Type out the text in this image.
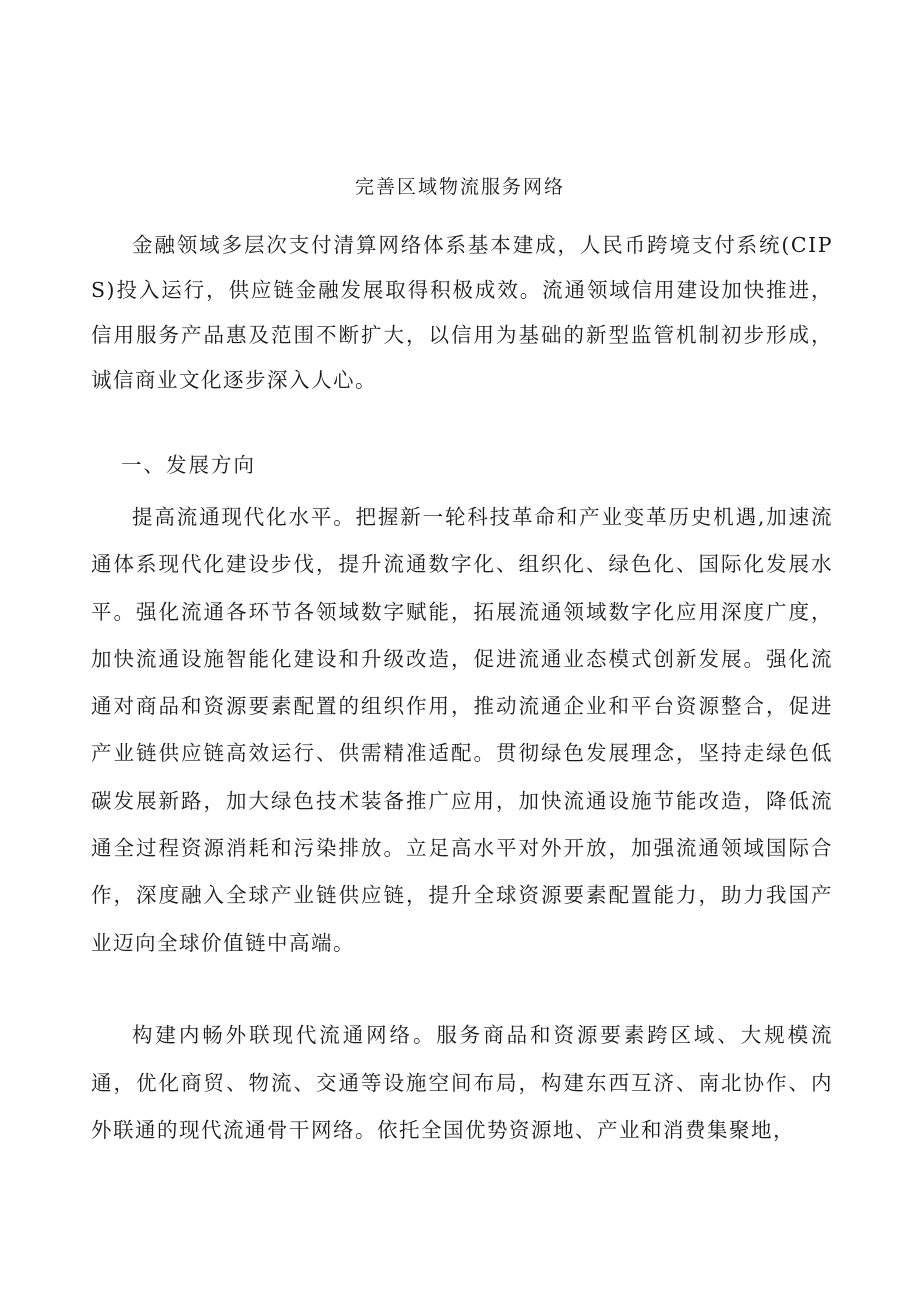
完善区域物流服务网络

金融领域多层次支付清算网络体系基本建成，人民币跨境支付系统(CIPS)投入运行，供应链金融发展取得积极成效。流通领域信用建设加快推进，信用服务产品惠及范围不断扩大，以信用为基础的新型监管机制初步形成，诚信商业文化逐步深入人心。

一、发展方向

提高流通现代化水平。把握新一轮科技革命和产业变革历史机遇,加速流通体系现代化建设步伐，提升流通数字化、组织化、绿色化、国际化发展水平。强化流通各环节各领域数字赋能，拓展流通领域数字化应用深度广度，加快流通设施智能化建设和升级改造，促进流通业态模式创新发展。强化流通对商品和资源要素配置的组织作用，推动流通企业和平台资源整合，促进产业链供应链高效运行、供需精准适配。贯彻绿色发展理念，坚持走绿色低碳发展新路，加大绿色技术装备推广应用，加快流通设施节能改造，降低流通全过程资源消耗和污染排放。立足高水平对外开放，加强流通领域国际合作，深度融入全球产业链供应链，提升全球资源要素配置能力，助力我国产业迈向全球价值链中高端。

构建内畅外联现代流通网络。服务商品和资源要素跨区域、大规模流通，优化商贸、物流、交通等设施空间布局，构建东西互济、南北协作、内外联通的现代流通骨干网络。依托全国优势资源地、产业和消费集聚地，
